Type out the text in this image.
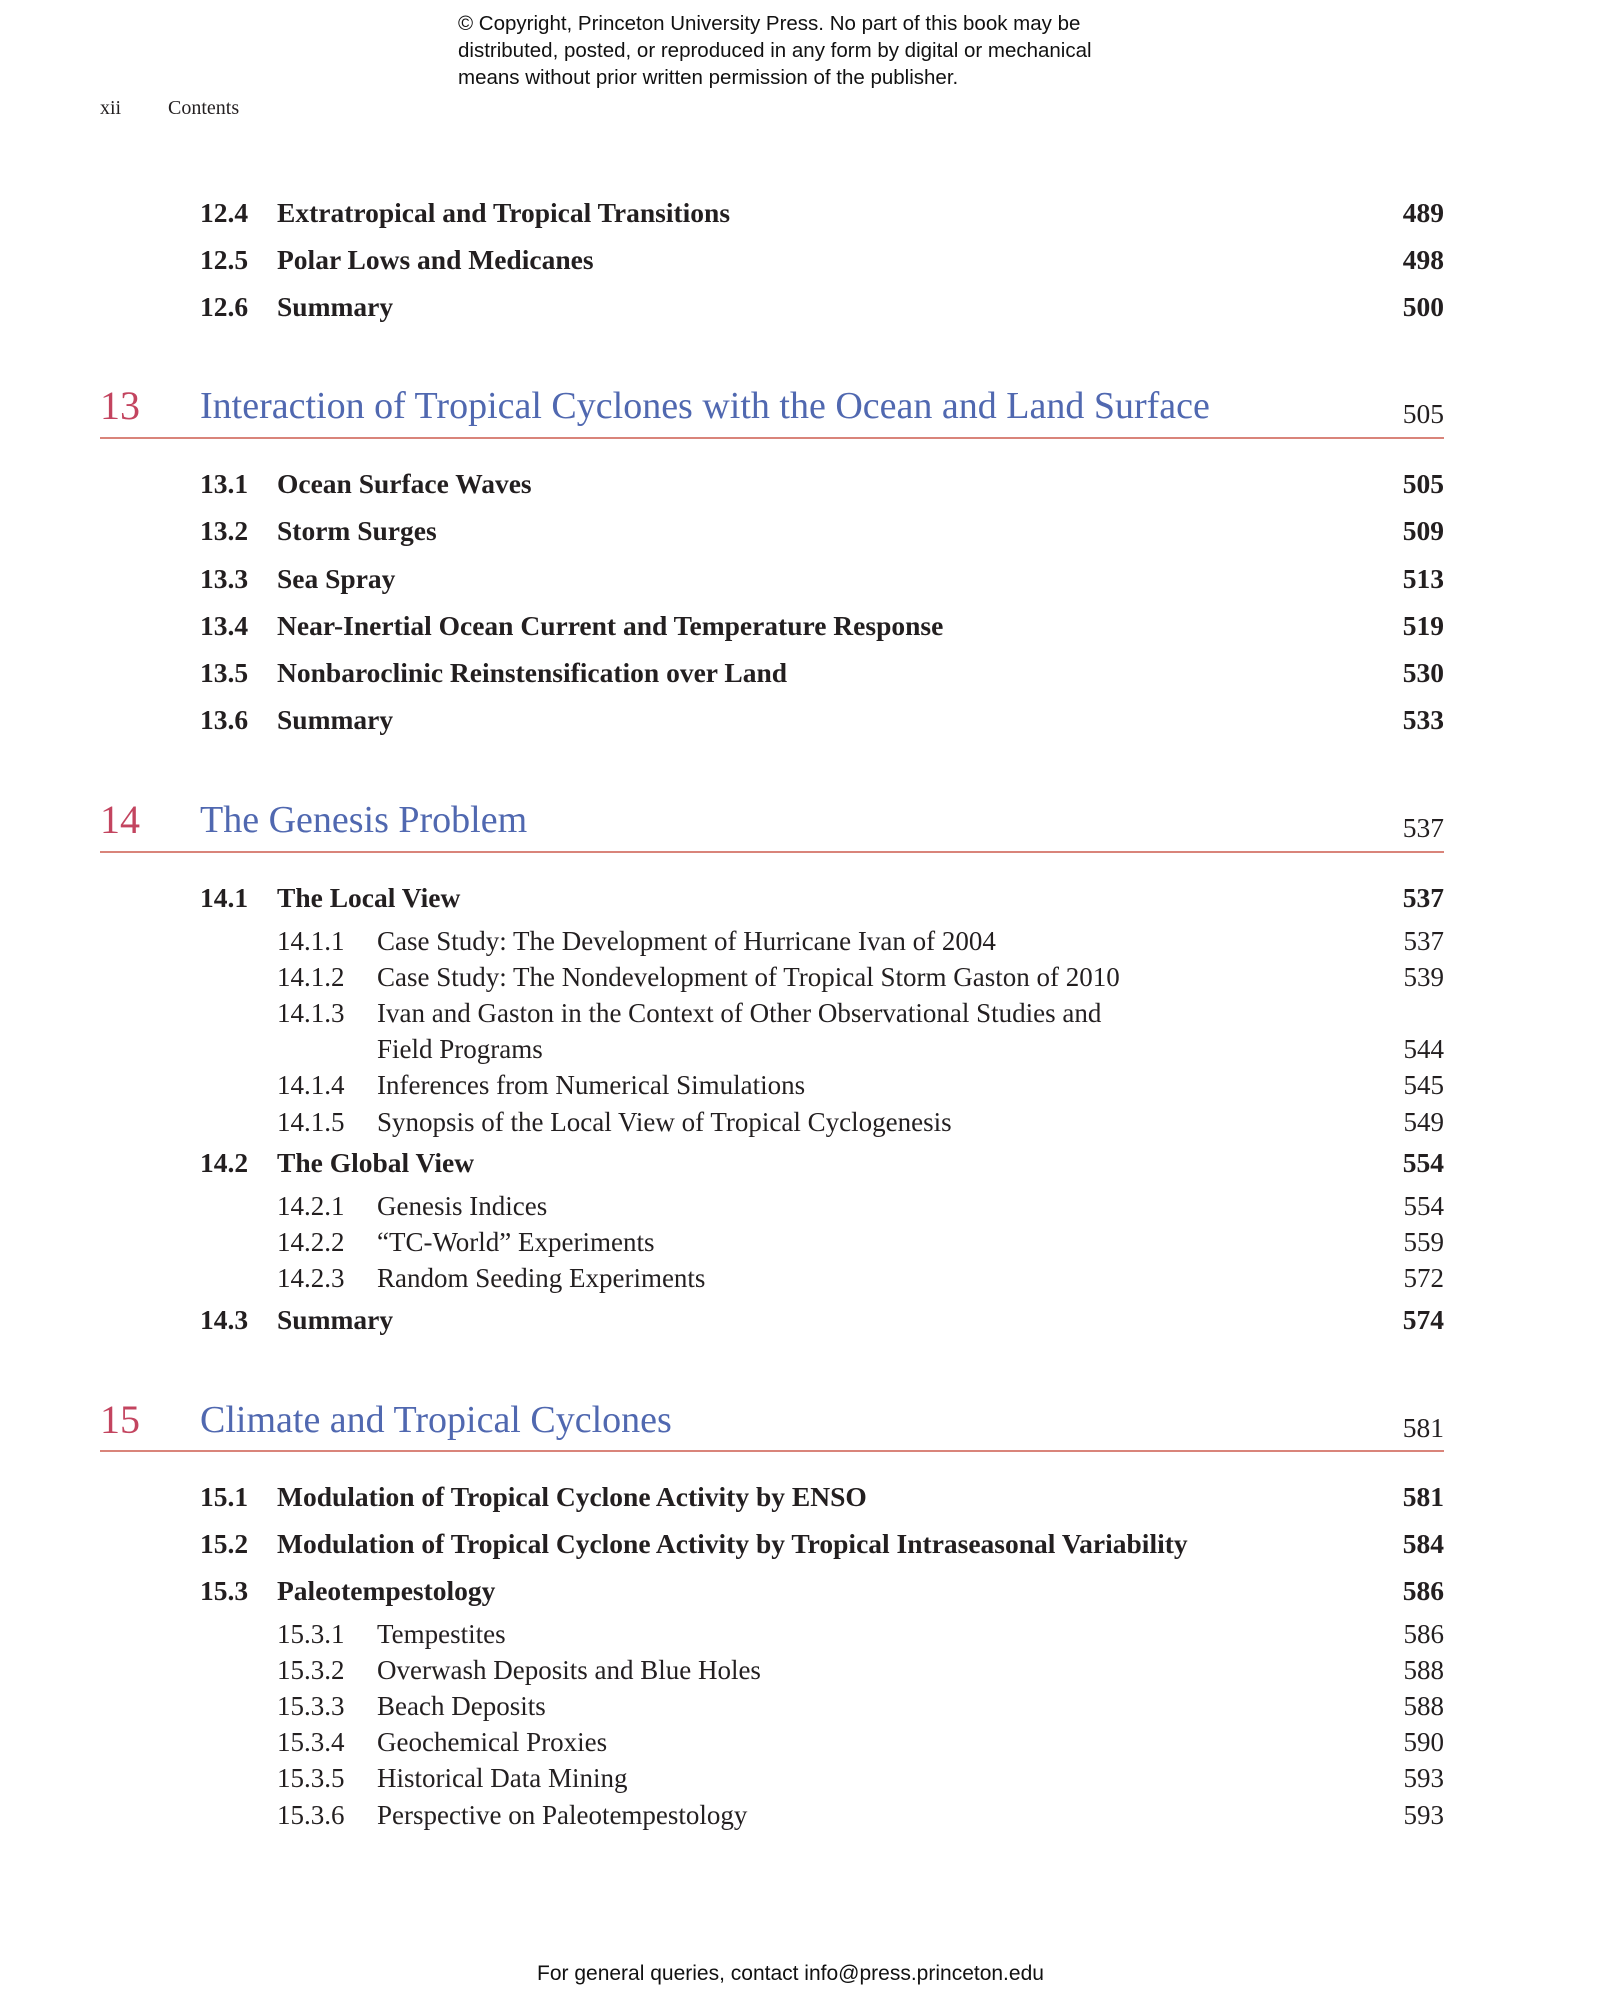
© Copyright, Princeton University Press. No part of this book may be
distributed, posted, or reproduced in any form by digital or mechanical
means without prior written permission of the publisher.
xii Contents
12.4 Extratropical and Tropical Transitions	489
12.5 Polar Lows and Medicanes	498
12.6 Summary	500
13 Interaction of Tropical Cyclones with the Ocean and Land Surface	505
13.1 Ocean Surface Waves	505
13.2 Storm Surges	509
13.3 Sea Spray	513
13.4 Near-Inertial Ocean Current and Temperature Response	519
13.5 Nonbaroclinic Reinstensification over Land	530
13.6 Summary	533
14 The Genesis Problem	537
14.1 The Local View	537
14.1.1 Case Study: The Development of Hurricane Ivan of 2004	537
14.1.2 Case Study: The Nondevelopment of Tropical Storm Gaston of 2010	539
14.1.3 Ivan and Gaston in the Context of Other Observational Studies and
Field Programs	544
14.1.4 Inferences from Numerical Simulations	545
14.1.5 Synopsis of the Local View of Tropical Cyclogenesis	549
14.2 The Global View	554
14.2.1 Genesis Indices	554
14.2.2 “TC-World” Experiments	559
14.2.3 Random Seeding Experiments	572
14.3 Summary	574
15 Climate and Tropical Cyclones	581
15.1 Modulation of Tropical Cyclone Activity by ENSO	581
15.2 Modulation of Tropical Cyclone Activity by Tropical Intraseasonal Variability	584
15.3 Paleotempestology	586
15.3.1 Tempestites	586
15.3.2 Overwash Deposits and Blue Holes	588
15.3.3 Beach Deposits	588
15.3.4 Geochemical Proxies	590
15.3.5 Historical Data Mining	593
15.3.6 Perspective on Paleotempestology	593
For general queries, contact info@press.princeton.edu
